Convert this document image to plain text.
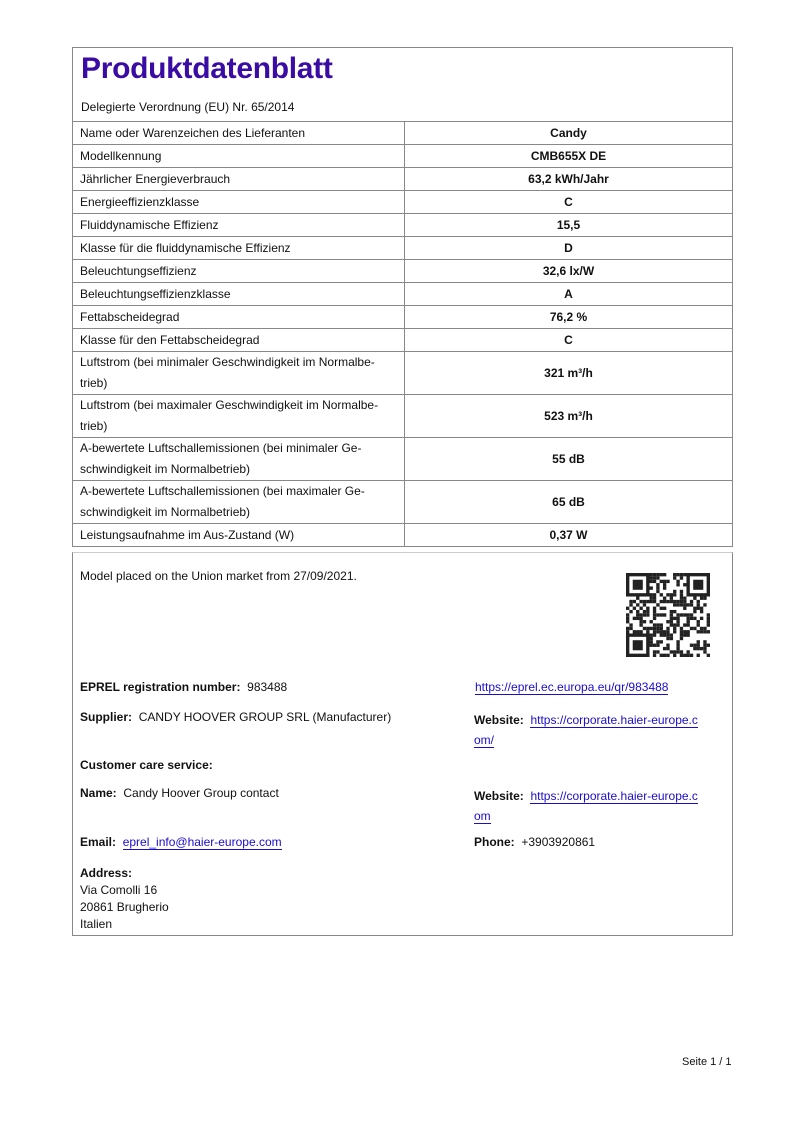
Produktdatenblatt
Delegierte Verordnung (EU) Nr. 65/2014
Name oder Warenzeichen des Lieferanten	Candy
Modellkennung	CMB655X DE
Jährlicher Energieverbrauch	63,2 kWh/Jahr
Energieeffizienzklasse	C
Fluiddynamische Effizienz	15,5
Klasse für die fluiddynamische Effizienz	D
Beleuchtungseffizienz	32,6 lx/W
Beleuchtungseffizienzklasse	A
Fettabscheidegrad	76,2 %
Klasse für den Fettabscheidegrad	C
Luftstrom (bei minimaler Geschwindigkeit im Normalbe-trieb)	321 m³/h
Luftstrom (bei maximaler Geschwindigkeit im Normalbe-trieb)	523 m³/h
A-bewertete Luftschallemissionen (bei minimaler Ge-schwindigkeit im Normalbetrieb)	55 dB
A-bewertete Luftschallemissionen (bei maximaler Ge-schwindigkeit im Normalbetrieb)	65 dB
Leistungsaufnahme im Aus-Zustand (W)	0,37 W
Model placed on the Union market from 27/09/2021.
EPREL registration number: 983488	https://eprel.ec.europa.eu/qr/983488
Supplier: CANDY HOOVER GROUP SRL (Manufacturer)	Website: https://corporate.haier-europe.c
om/
Customer care service:
Name: Candy Hoover Group contact	Website: https://corporate.haier-europe.c
om
Email: eprel_info@haier-europe.com	Phone: +3903920861
Address:
Via Comolli 16
20861 Brugherio
Italien
Seite 1 / 1
